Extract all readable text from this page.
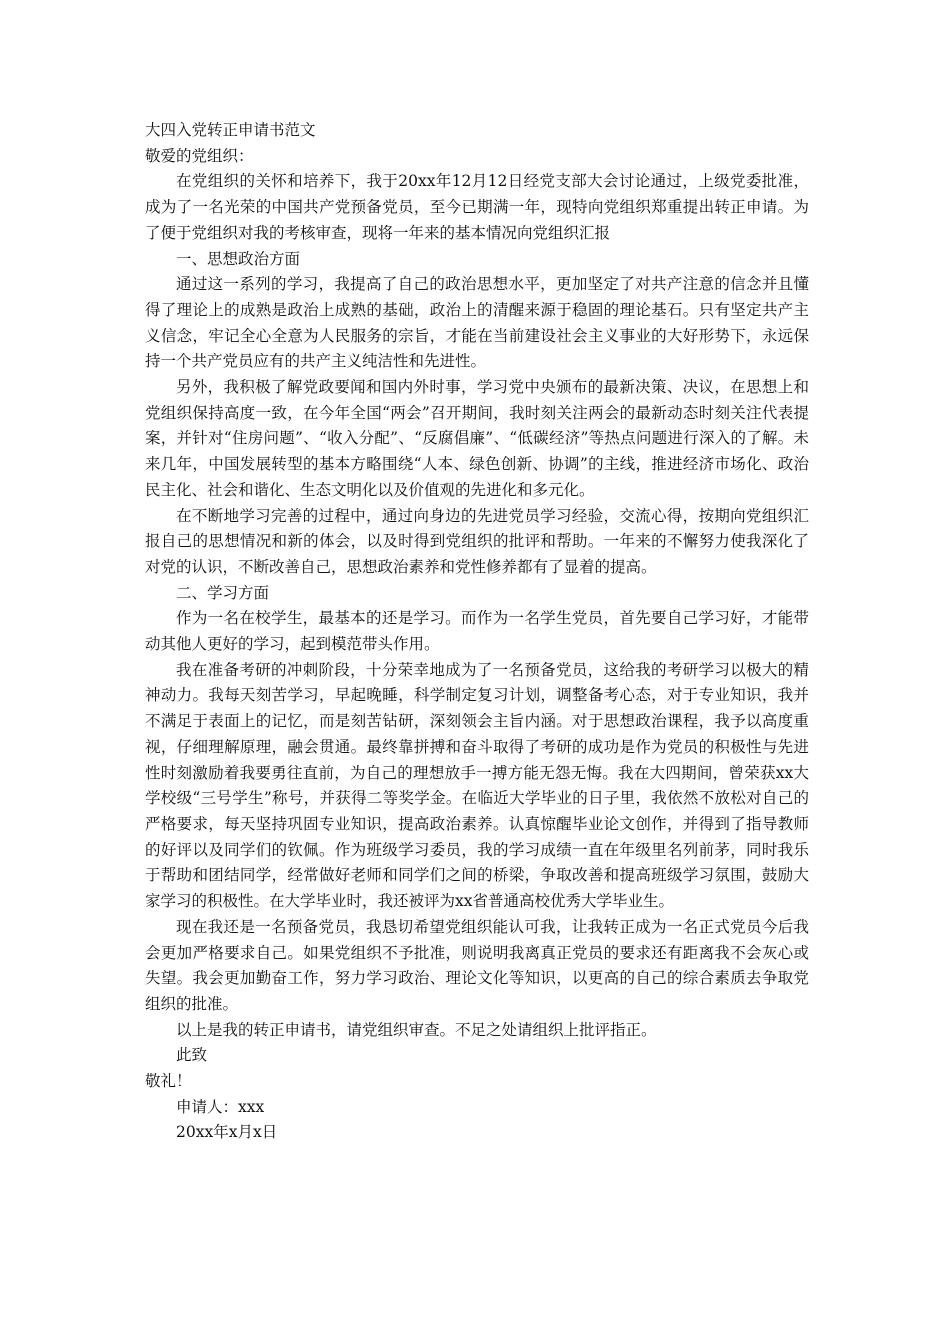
大四入党转正申请书范文

敬爱的党组织：

在党组织的关怀和培养下，我于20xx年12月12日经党支部大会讨论通过，上级党委批准，成为了一名光荣的中国共产党预备党员，至今已期满一年，现特向党组织郑重提出转正申请。为了便于党组织对我的考核审查，现将一年来的基本情况向党组织汇报

一、思想政治方面

通过这一系列的学习，我提高了自己的政治思想水平，更加坚定了对共产注意的信念并且懂得了理论上的成熟是政治上成熟的基础，政治上的清醒来源于稳固的理论基石。只有坚定共产主义信念，牢记全心全意为人民服务的宗旨，才能在当前建设社会主义事业的大好形势下，永远保持一个共产党员应有的共产主义纯洁性和先进性。

另外，我积极了解党政要闻和国内外时事，学习党中央颁布的最新决策、决议，在思想上和党组织保持高度一致，在今年全国“两会”召开期间，我时刻关注两会的最新动态时刻关注代表提案，并针对“住房问题”、“收入分配”、“反腐倡廉”、“低碳经济”等热点问题进行深入的了解。未来几年，中国发展转型的基本方略围绕“人本、绿色创新、协调”的主线，推进经济市场化、政治民主化、社会和谐化、生态文明化以及价值观的先进化和多元化。

在不断地学习完善的过程中，通过向身边的先进党员学习经验，交流心得，按期向党组织汇报自己的思想情况和新的体会，以及时得到党组织的批评和帮助。一年来的不懈努力使我深化了对党的认识，不断改善自己，思想政治素养和党性修养都有了显着的提高。

二、学习方面

作为一名在校学生，最基本的还是学习。而作为一名学生党员，首先要自己学习好，才能带动其他人更好的学习，起到模范带头作用。

我在准备考研的冲刺阶段，十分荣幸地成为了一名预备党员，这给我的考研学习以极大的精神动力。我每天刻苦学习，早起晚睡，科学制定复习计划，调整备考心态，对于专业知识，我并不满足于表面上的记忆，而是刻苦钻研，深刻领会主旨内涵。对于思想政治课程，我予以高度重视，仔细理解原理，融会贯通。最终靠拼搏和奋斗取得了考研的成功是作为党员的积极性与先进性时刻激励着我要勇往直前，为自己的理想放手一搏方能无怨无悔。我在大四期间，曾荣获xx大学校级“三号学生”称号，并获得二等奖学金。在临近大学毕业的日子里，我依然不放松对自己的严格要求，每天坚持巩固专业知识，提高政治素养。认真惊醒毕业论文创作，并得到了指导教师的好评以及同学们的钦佩。作为班级学习委员，我的学习成绩一直在年级里名列前茅，同时我乐于帮助和团结同学，经常做好老师和同学们之间的桥梁，争取改善和提高班级学习氛围，鼓励大家学习的积极性。在大学毕业时，我还被评为xx省普通高校优秀大学毕业生。

现在我还是一名预备党员，我恳切希望党组织能认可我，让我转正成为一名正式党员今后我会更加严格要求自己。如果党组织不予批准，则说明我离真正党员的要求还有距离我不会灰心或失望。我会更加勤奋工作，努力学习政治、理论文化等知识，以更高的自己的综合素质去争取党组织的批准。

以上是我的转正申请书，请党组织审查。不足之处请组织上批评指正。

此致

敬礼！

申请人：xxx

20xx年x月x日
